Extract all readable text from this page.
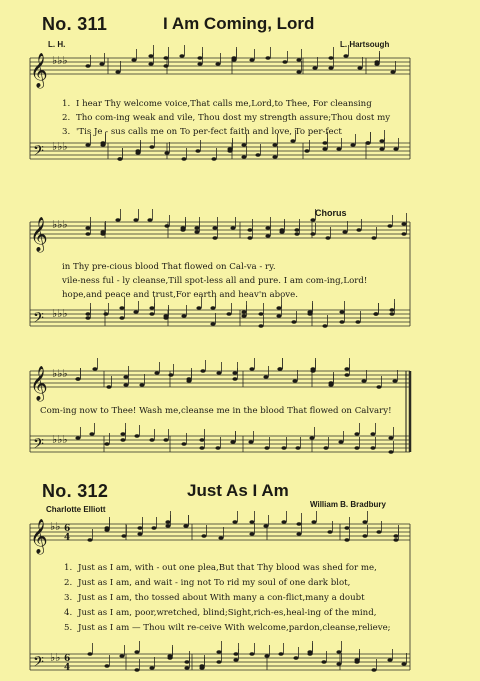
No. 311	I Am Coming, Lord
L. H.	L. Hartsough
𝄞 ♭♭♭
𝄢 ♭♭♭
𝄞 ♭♭♭
𝄢 ♭♭♭
𝄞 ♭♭♭
𝄢 ♭♭♭
𝄞 ♭♭ 6
4
𝄢 ♭♭ 6
4
1. I hear Thy welcome voice,That calls me,Lord,to Thee, For cleansing
2. Tho com-ing weak and vile, Thou dost my strength assure;Thou dost my
3. 'Tis Je - sus calls me on To per-fect faith and love, To per-fect
Chorus
in Thy pre-cious blood That flowed on Cal-va - ry.
vile-ness ful - ly cleanse,Till spot-less all and pure. I am com-ing,Lord!
hope,and peace and trust,For earth and heav'n above.
Com-ing now to Thee! Wash me,cleanse me in the blood That flowed on Calvary!
No. 312	Just As I Am
Charlotte Elliott
William B. Bradbury
1. Just as I am, with - out one plea,But that Thy blood was shed for me,
2. Just as I am, and wait - ing not To rid my soul of one dark blot,
3. Just as I am, tho tossed about With many a con-flict,many a doubt
4. Just as I am, poor,wretched, blind;Sight,rich-es,heal-ing of the mind,
5. Just as I am — Thou wilt re-ceive With welcome,pardon,cleanse,relieve;
